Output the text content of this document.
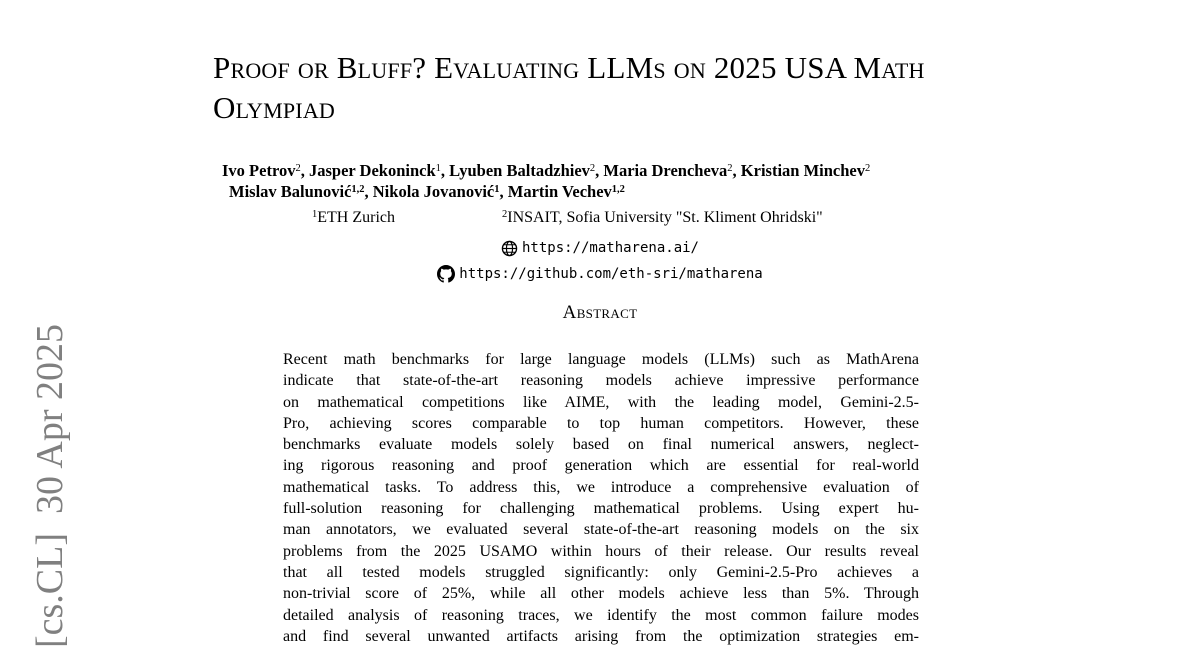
[cs.CL]  30 Apr 2025
Proof or Bluff? Evaluating LLMs on 2025 USA Math Olympiad
Ivo Petrov$^2$, Jasper Dekoninck$^1$, Lyuben Baltadzhiev$^2$, Maria Drencheva$^2$, Kristian Minchev$^2$
Mislav Balunović$^{1,2}$, Nikola Jovanović$^1$, Martin Vechev$^{1,2}$
$^1$ETH Zurich	$^2$INSAIT, Sofia University "St. Kliment Ohridski"
https://matharena.ai/
https://github.com/eth-sri/matharena
Abstract
Recent math benchmarks for large language models (LLMs) such as MathArena
indicate that state-of-the-art reasoning models achieve impressive performance
on mathematical competitions like AIME, with the leading model, Gemini-2.5-
Pro, achieving scores comparable to top human competitors. However, these
benchmarks evaluate models solely based on final numerical answers, neglect-
ing rigorous reasoning and proof generation which are essential for real-world
mathematical tasks. To address this, we introduce a comprehensive evaluation of
full-solution reasoning for challenging mathematical problems. Using expert hu-
man annotators, we evaluated several state-of-the-art reasoning models on the six
problems from the 2025 USAMO within hours of their release. Our results reveal
that all tested models struggled significantly: only Gemini-2.5-Pro achieves a
non-trivial score of 25%, while all other models achieve less than 5%. Through
detailed analysis of reasoning traces, we identify the most common failure modes
and find several unwanted artifacts arising from the optimization strategies em-
